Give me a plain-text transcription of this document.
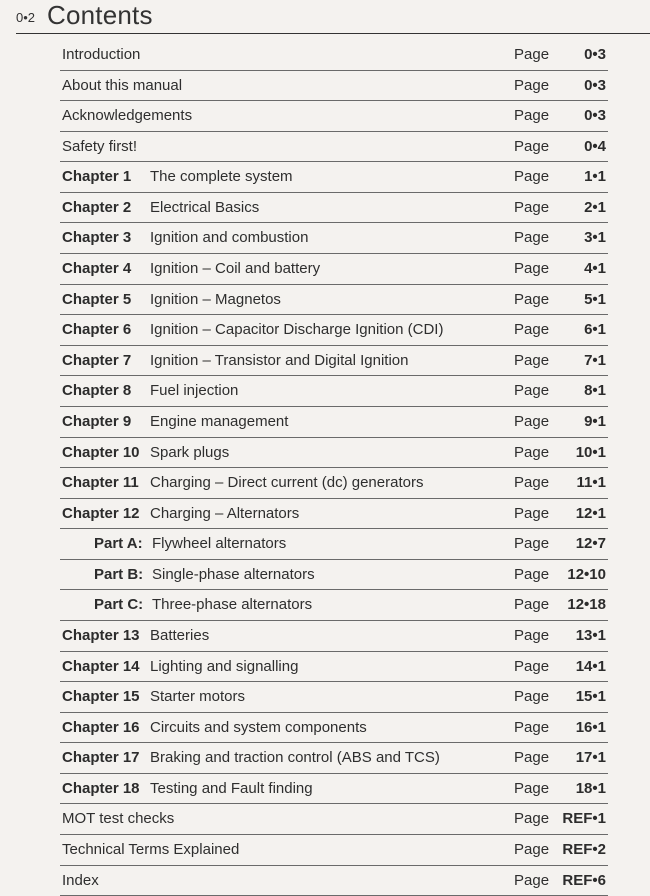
0•2 Contents
Introduction	Page 0•3
About this manual	Page 0•3
Acknowledgements	Page 0•3
Safety first!	Page 0•4
Chapter 1 The complete system	Page 1•1
Chapter 2 Electrical Basics	Page 2•1
Chapter 3 Ignition and combustion	Page 3•1
Chapter 4 Ignition – Coil and battery	Page 4•1
Chapter 5 Ignition – Magnetos	Page 5•1
Chapter 6 Ignition – Capacitor Discharge Ignition (CDI)	Page 6•1
Chapter 7 Ignition – Transistor and Digital Ignition	Page 7•1
Chapter 8 Fuel injection	Page 8•1
Chapter 9 Engine management	Page 9•1
Chapter 10 Spark plugs	Page 10•1
Chapter 11 Charging – Direct current (dc) generators	Page 11•1
Chapter 12 Charging – Alternators	Page 12•1
Part A: Flywheel alternators	Page 12•7
Part B: Single-phase alternators	Page 12•10
Part C: Three-phase alternators	Page 12•18
Chapter 13 Batteries	Page 13•1
Chapter 14 Lighting and signalling	Page 14•1
Chapter 15 Starter motors	Page 15•1
Chapter 16 Circuits and system components	Page 16•1
Chapter 17 Braking and traction control (ABS and TCS)	Page 17•1
Chapter 18 Testing and Fault finding	Page 18•1
MOT test checks	Page REF•1
Technical Terms Explained	Page REF•2
Index	Page REF•6
